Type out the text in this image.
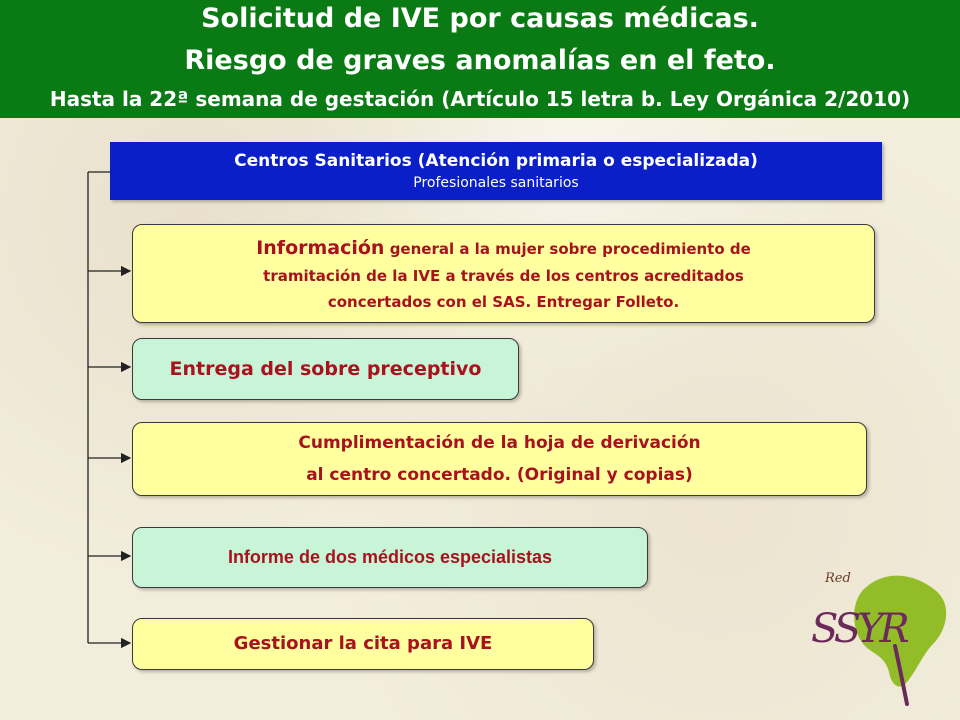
Solicitud de IVE por causas médicas.
Riesgo de graves anomalías en el feto.
Hasta la 22ª semana de gestación (Artículo 15 letra b. Ley Orgánica 2/2010)
Centros Sanitarios (Atención primaria o especializada)
Profesionales sanitarios
Información general a la mujer sobre procedimiento de
tramitación de la IVE a través de los centros acreditados
concertados con el SAS. Entregar Folleto.
Entrega del sobre preceptivo
Cumplimentación de la hoja de derivación
al centro concertado. (Original y copias)
Informe de dos médicos especialistas
Gestionar la cita para IVE
Red
SSYR
